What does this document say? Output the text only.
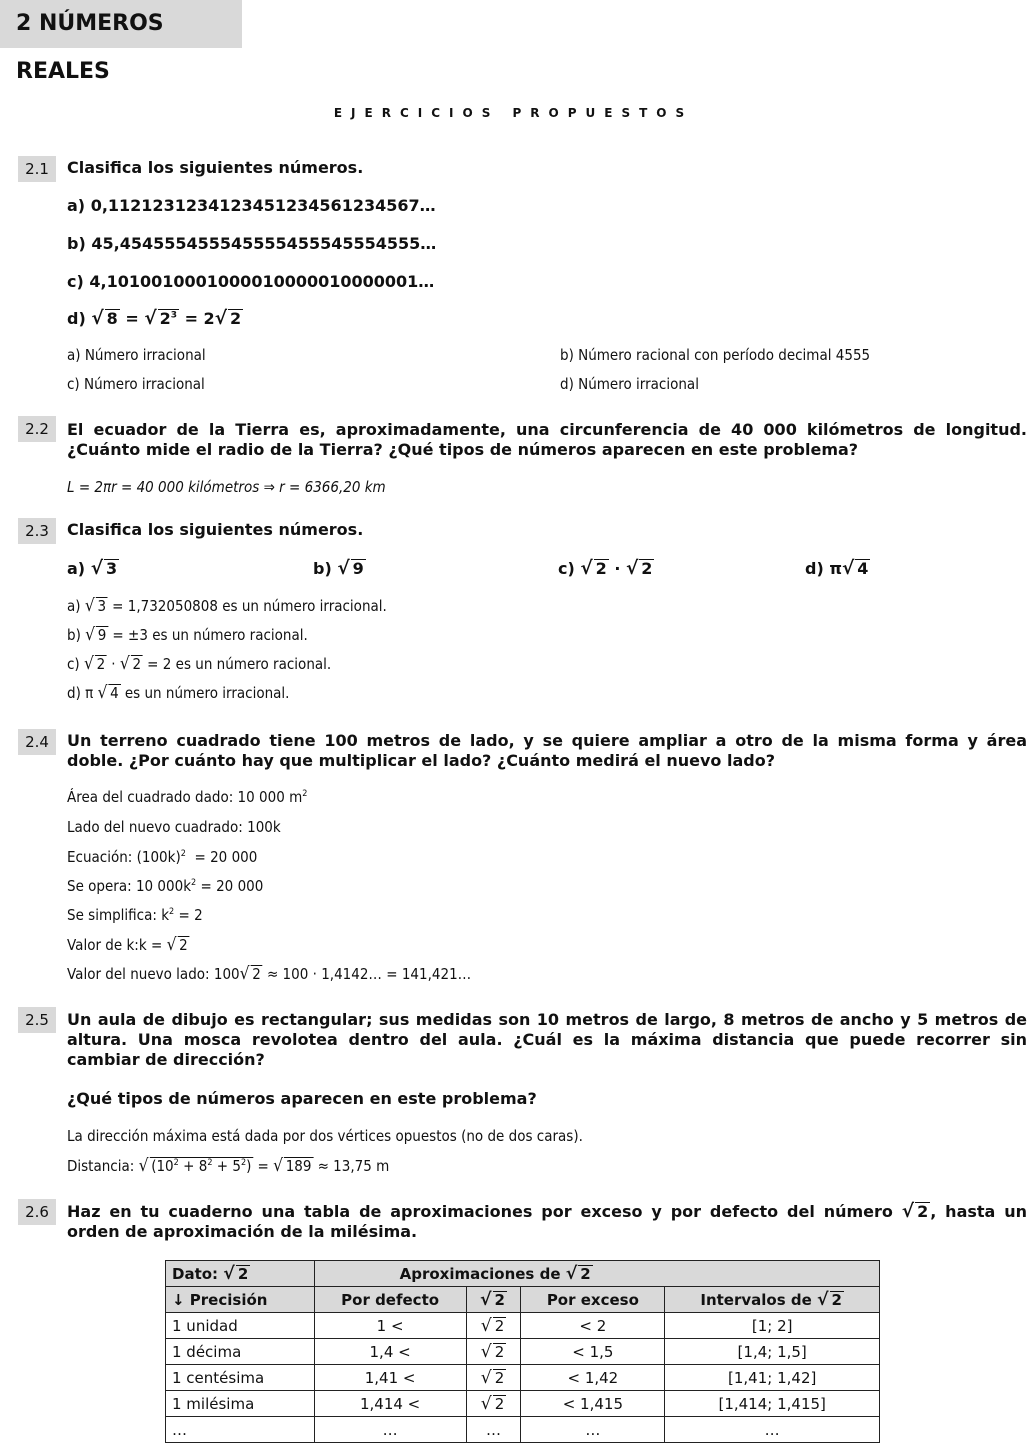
2 NÚMEROS REALES
EJERCICIOS PROPUESTOS
2.1	Clasifica los siguientes números.
a) 0,1121231234123451234561234567…
b) 45,454555455545555455545554555…
c) 4,1010010001000010000010000001…
d) √ 8 = √ $2^3 = 2√$ 2
a) Número irracional	b) Número racional con período decimal 4555
c) Número irracional	d) Número irracional
2.2	El ecuador de la Tierra es, aproximadamente, una circunferencia de 40 000 kilómetros de longitud. ¿Cuánto mide el radio de la Tierra? ¿Qué tipos de números aparecen en este problema?
L = 2πr = 40 000 kilómetros ⇒ r = 6366,20 km
2.3	Clasifica los siguientes números.
a) √ 3	b) √ 9	c) √ 2 · √ 2	d) π√ 4
a) √ 3 = 1,732050808 es un número irracional.
b) √ 9 = ±3 es un número racional.
c) √ 2 · √ 2 = 2 es un número racional.
d) π √ 4 es un número irracional.
2.4	Un terreno cuadrado tiene 100 metros de lado, y se quiere ampliar a otro de la misma forma y área doble. ¿Por cuánto hay que multiplicar el lado? ¿Cuánto medirá el nuevo lado?
Área del cuadrado dado: 10 000 $m^2$
Lado del nuevo cuadrado: 100k
Ecuación: $(100k)^2 = 20$ 000
Se opera: 10 $000k^2 = 20$ 000
Se simplifica: $k^2 = 2$
Valor de k:k = √ 2
Valor del nuevo lado: 100√ 2 ≈ 100 · 1,4142… = 141,421…
2.5	Un aula de dibujo es rectangular; sus medidas son 10 metros de largo, 8 metros de ancho y 5 metros de altura. Una mosca revolotea dentro del aula. ¿Cuál es la máxima distancia que puede recorrer sin cambiar de dirección?
¿Qué tipos de números aparecen en este problema?
La dirección máxima está dada por dos vértices opuestos (no de dos caras).
Distancia: √ $(10^2 + 8^2 + 5^2)$ = √ 189 ≈ 13,75 m
2.6	Haz en tu cuaderno una tabla de aproximaciones por exceso y por defecto del número √ 2 , hasta un orden de aproximación de la milésima.
Dato: √ 2	Aproximaciones de √ 2			
↓ Precisión	Por defecto	√ 2	Por exceso	Intervalos de √ 2
1 unidad	1 <	√ 2	< 2	[1; 2]
1 décima	1,4 <	√ 2	< 1,5	[1,4; 1,5]
1 centésima	1,41 <	√ 2	< 1,42	[1,41; 1,42]
1 milésima	1,414 <	√ 2	< 1,415	[1,414; 1,415]
…	…	…	…	…
